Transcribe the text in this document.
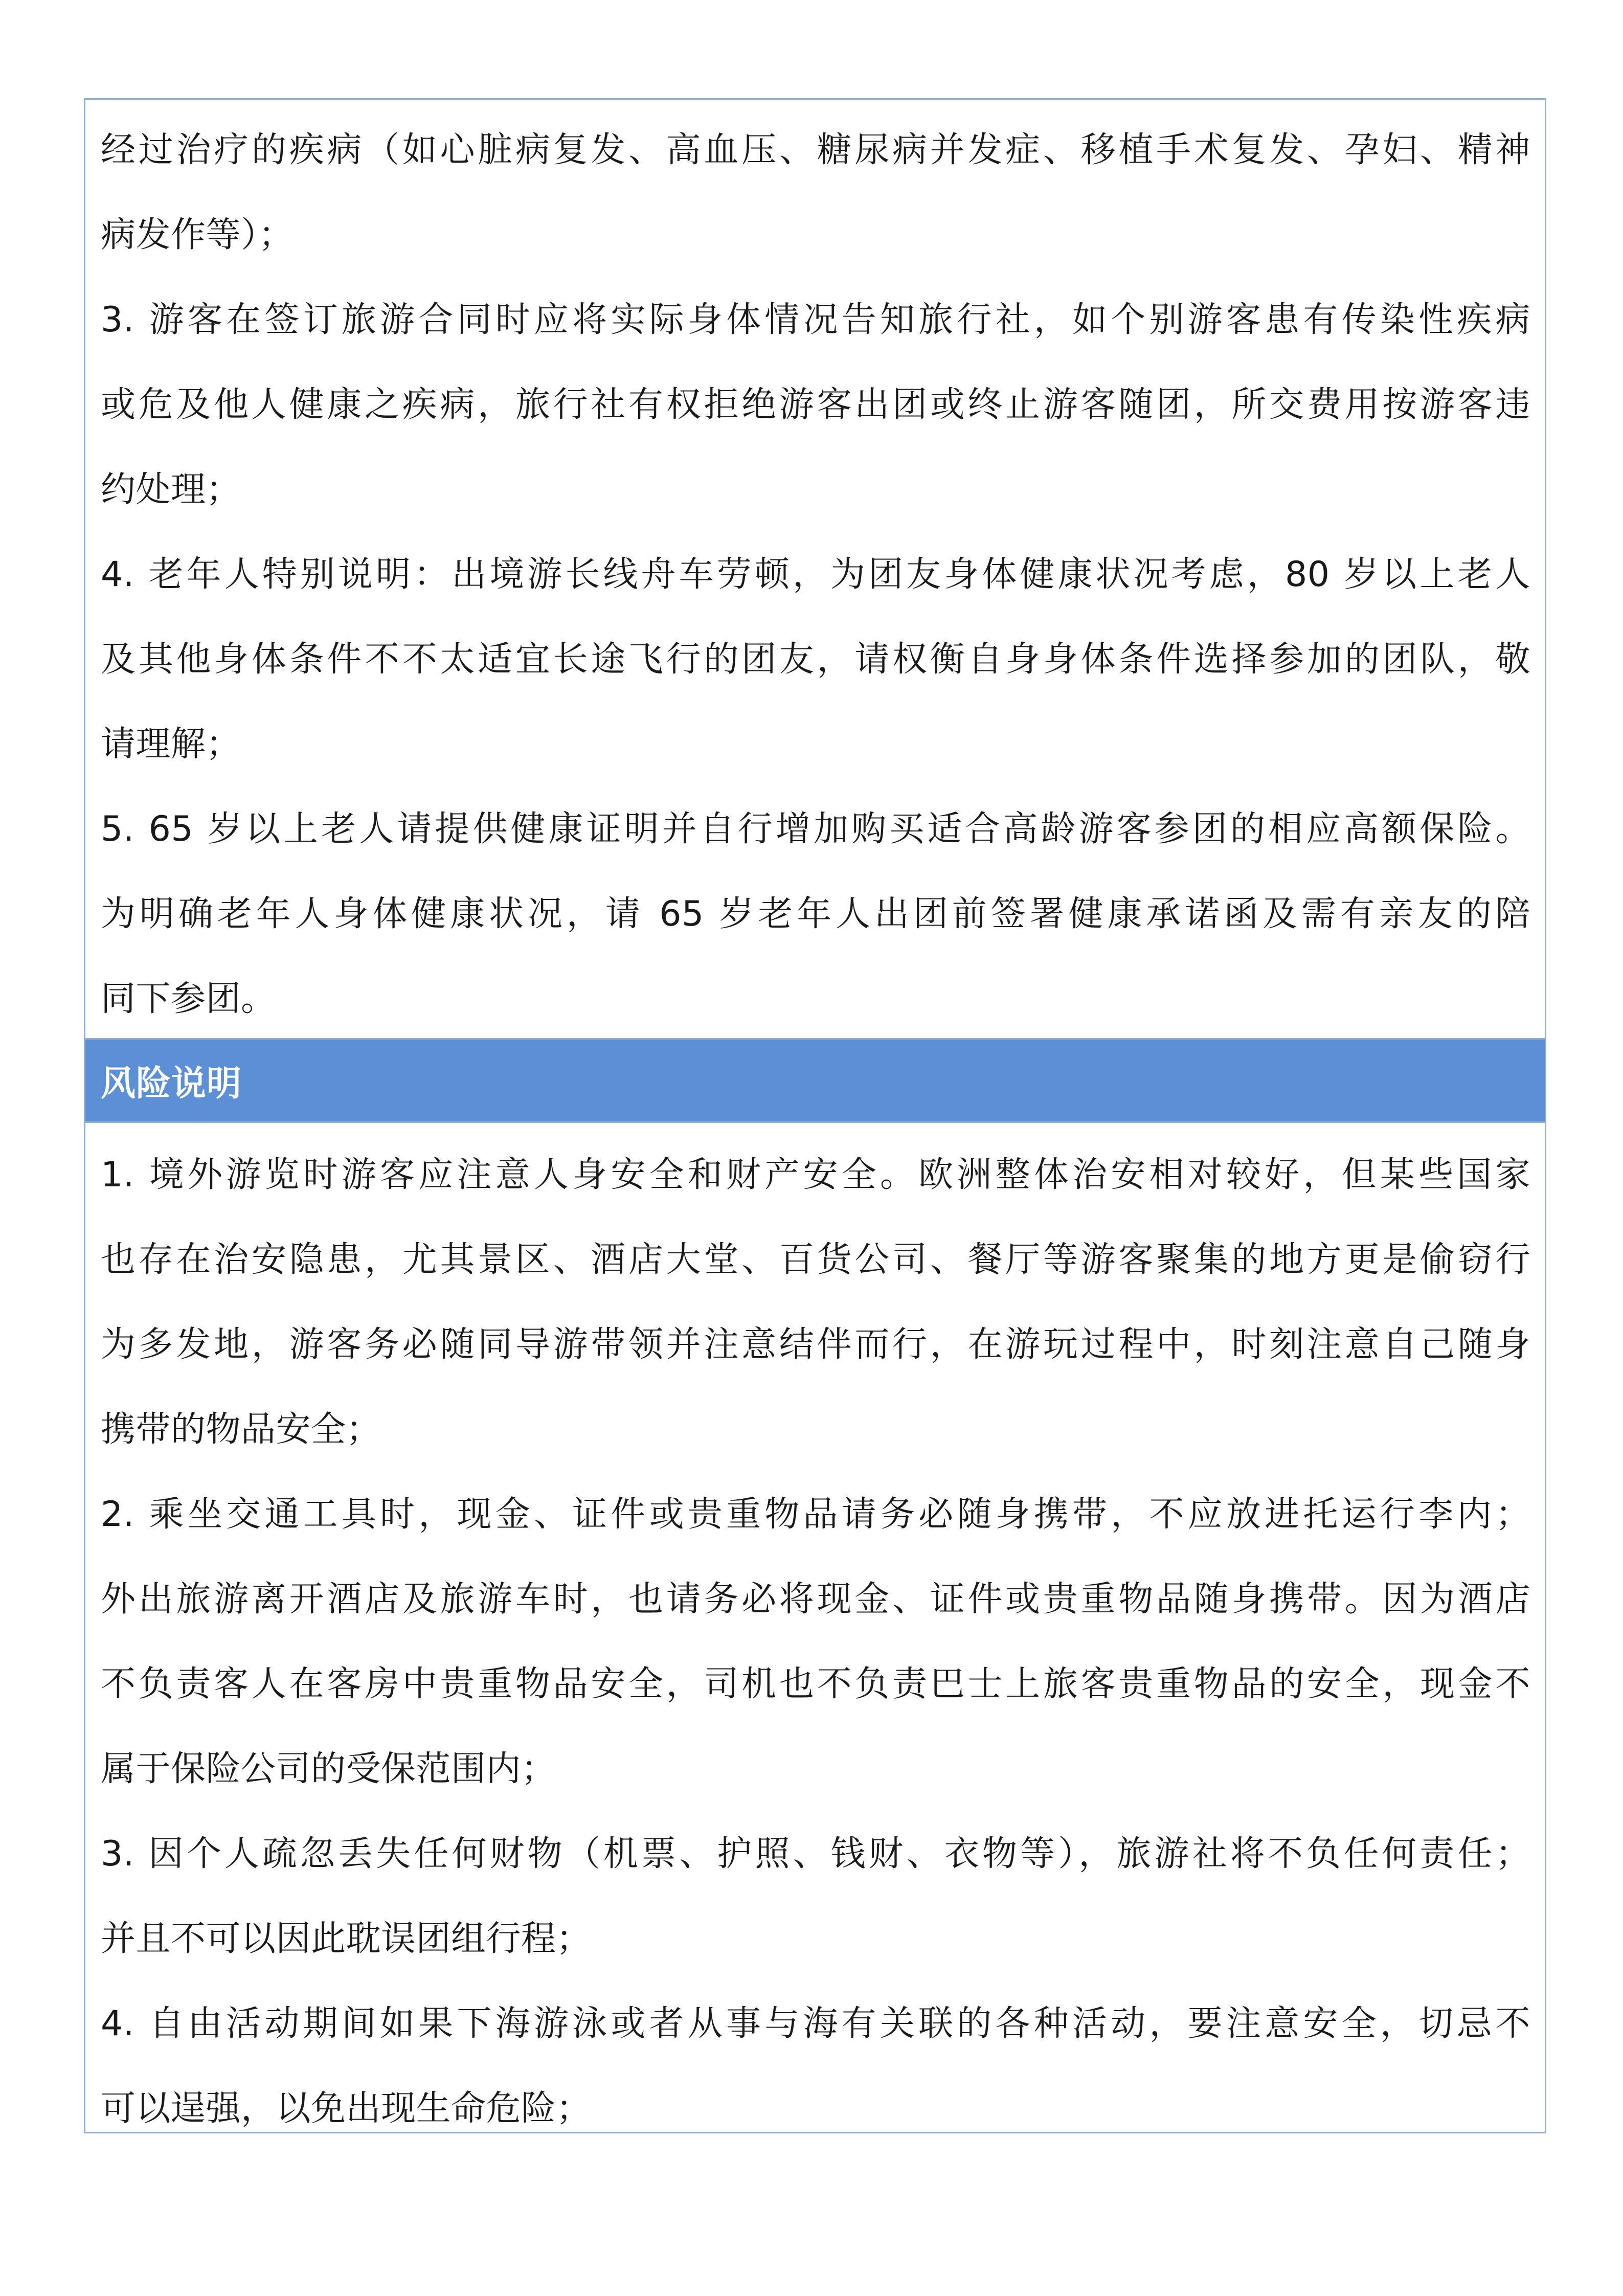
经过治疗的疾病（如心脏病复发、高血压、糖尿病并发症、移植手术复发、孕妇、精神
病发作等）；
3. 游客在签订旅游合同时应将实际身体情况告知旅行社，如个别游客患有传染性疾病
或危及他人健康之疾病，旅行社有权拒绝游客出团或终止游客随团，所交费用按游客违
约处理；
4. 老年人特别说明：出境游长线舟车劳顿，为团友身体健康状况考虑，80 岁以上老人
及其他身体条件不不太适宜长途飞行的团友，请权衡自身身体条件选择参加的团队，敬
请理解；
5. 65 岁以上老人请提供健康证明并自行增加购买适合高龄游客参团的相应高额保险。
为明确老年人身体健康状况，请 65 岁老年人出团前签署健康承诺函及需有亲友的陪
同下参团。
风险说明
1. 境外游览时游客应注意人身安全和财产安全。欧洲整体治安相对较好，但某些国家
也存在治安隐患，尤其景区、酒店大堂、百货公司、餐厅等游客聚集的地方更是偷窃行
为多发地，游客务必随同导游带领并注意结伴而行，在游玩过程中，时刻注意自己随身
携带的物品安全；
2. 乘坐交通工具时，现金、证件或贵重物品请务必随身携带，不应放进托运行李内；
外出旅游离开酒店及旅游车时，也请务必将现金、证件或贵重物品随身携带。因为酒店
不负责客人在客房中贵重物品安全，司机也不负责巴士上旅客贵重物品的安全，现金不
属于保险公司的受保范围内；
3. 因个人疏忽丢失任何财物（机票、护照、钱财、衣物等），旅游社将不负任何责任；
并且不可以因此耽误团组行程；
4. 自由活动期间如果下海游泳或者从事与海有关联的各种活动，要注意安全，切忌不
可以逞强，以免出现生命危险；
